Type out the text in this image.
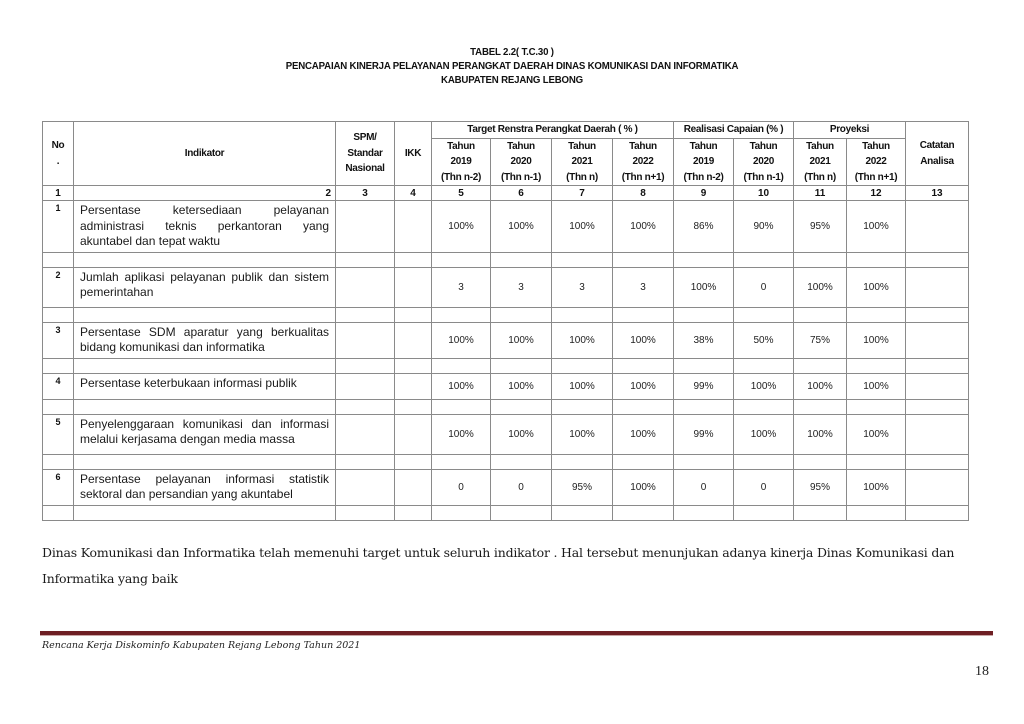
TABEL 2.2( T.C.30 )
PENCAPAIAN KINERJA PELAYANAN PERANGKAT DAERAH DINAS KOMUNIKASI DAN INFORMATIKA
KABUPATEN REJANG LEBONG
No
.	Indikator	SPM/
Standar
Nasional	IKK	Target Renstra Perangkat Daerah ( % )				Realisasi Capaian (% )		Proyeksi		Catatan
Analisa
				Tahun
2019
(Thn n-2)	Tahun
2020
(Thn n-1)	Tahun
2021
(Thn n)	Tahun
2022
(Thn n+1)	Tahun
2019
(Thn n-2)	Tahun
2020
(Thn n-1)	Tahun
2021
(Thn n)	Tahun
2022
(Thn n+1)	
1	2	3	4	5	6	7	8	9	10	11	12	13
1	Persentase ketersediaan pelayanan administrasi teknis perkantoran yang akuntabel dan tepat waktu			100%	100%	100%	100%	86%	90%	95%	100%	

2	Jumlah aplikasi pelayanan publik dan sistem pemerintahan			3	3	3	3	100%	0	100%	100%	

3	Persentase SDM aparatur yang berkualitas bidang komunikasi dan informatika			100%	100%	100%	100%	38%	50%	75%	100%	

4	Persentase keterbukaan informasi publik			100%	100%	100%	100%	99%	100%	100%	100%	

5	Penyelenggaraan komunikasi dan informasi melalui kerjasama dengan media massa			100%	100%	100%	100%	99%	100%	100%	100%	

6	Persentase pelayanan informasi statistik sektoral dan persandian yang akuntabel			0	0	95%	100%	0	0	95%	100%	

Dinas Komunikasi dan Informatika telah memenuhi target untuk seluruh indikator . Hal tersebut menunjukan adanya kinerja Dinas Komunikasi dan Informatika yang baik
Rencana Kerja Diskominfo Kabupaten Rejang Lebong Tahun 2021
18
